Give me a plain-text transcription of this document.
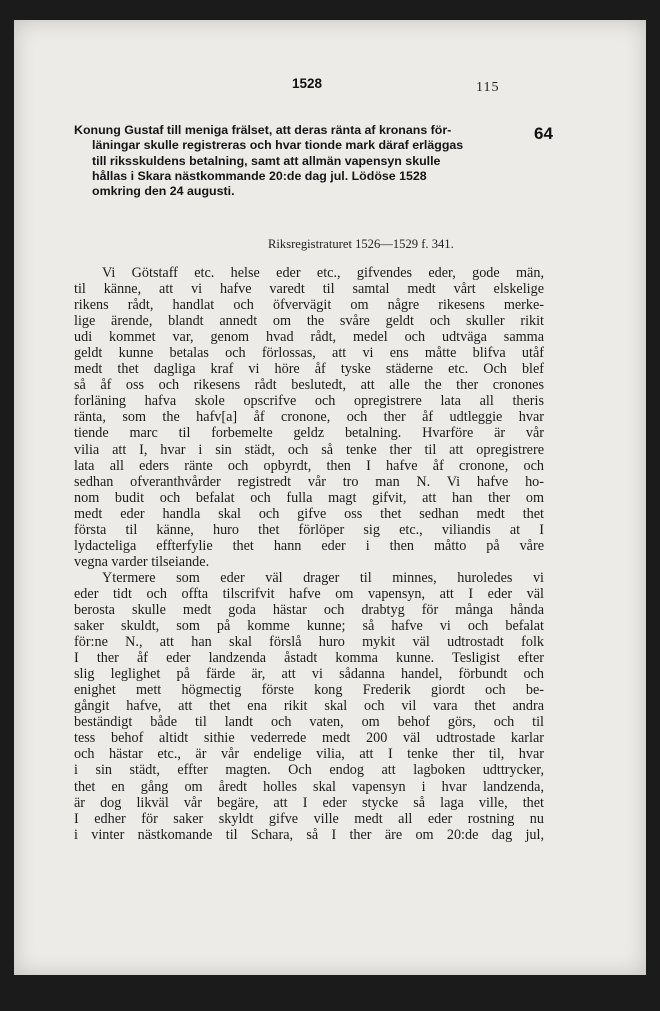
1528	115
64
Konung Gustaf till meniga frälset, att deras ränta af kronans för-
läningar skulle registreras och hvar tionde mark däraf erläggas
till riksskuldens betalning, samt att allmän vapensyn skulle
hållas i Skara nästkommande 20:de dag jul. Lödöse 1528
omkring den 24 augusti.
Riksregistraturet 1526—1529 f. 341.
Vi Götstaff etc. helse eder etc., gifvendes eder, gode män,
til känne, att vi hafve varedt til samtal medt vårt elskelige
rikens rådt, handlat och öfvervägit om någre rikesens merke-
lige ärende, blandt annedt om the svåre geldt och skuller rikit
udi kommet var, genom hvad rådt, medel och udtväga samma
geldt kunne betalas och förlossas, att vi ens måtte blifva utåf
medt thet dagliga kraf vi höre åf tyske städerne etc. Och blef
så åf oss och rikesens rådt beslutedt, att alle the ther cronones
forläning hafva skole opscrifve och opregistrere lata all theris
ränta, som the hafv[a] åf cronone, och ther åf udtleggie hvar
tiende marc til forbemelte geldz betalning. Hvarföre är vår
vilia att I, hvar i sin städt, och så tenke ther til att opregistrere
lata all eders ränte och opbyrdt, then I hafve åf cronone, och
sedhan ofveranthvårder registredt vår tro man N. Vi hafve ho-
nom budit och befalat och fulla magt gifvit, att han ther om
medt eder handla skal och gifve oss thet sedhan medt thet
första til känne, huro thet förlöper sig etc., viliandis at I
lydacteliga effterfylie thet hann eder i then måtto på våre
vegna varder tilseiande.
Ytermere som eder väl drager til minnes, huroledes vi
eder tidt och offta tilscrifvit hafve om vapensyn, att I eder väl
berosta skulle medt goda hästar och drabtyg för många hånda
saker skuldt, som på komme kunne; så hafve vi och befalat
för:ne N., att han skal förslå huro mykit väl udtrostadt folk
I ther åf eder landzenda åstadt komma kunne. Tesligist efter
slig leglighet på färde är, att vi sådanna handel, förbundt och
enighet mett högmectig förste kong Frederik giordt och be-
gångit hafve, att thet ena rikit skal och vil vara thet andra
beständigt både til landt och vaten, om behof görs, och til
tess behof altidt sithie vederrede medt 200 väl udtrostade karlar
och hästar etc., är vår endelige vilia, att I tenke ther til, hvar
i sin städt, effter magten. Och endog att lagboken udttrycker,
thet en gång om åredt holles skal vapensyn i hvar landzenda,
är dog likväl vår begäre, att I eder stycke så laga ville, thet
I edher för saker skyldt gifve ville medt all eder rostning nu
i vinter nästkomande til Schara, så I ther äre om 20:de dag jul,
